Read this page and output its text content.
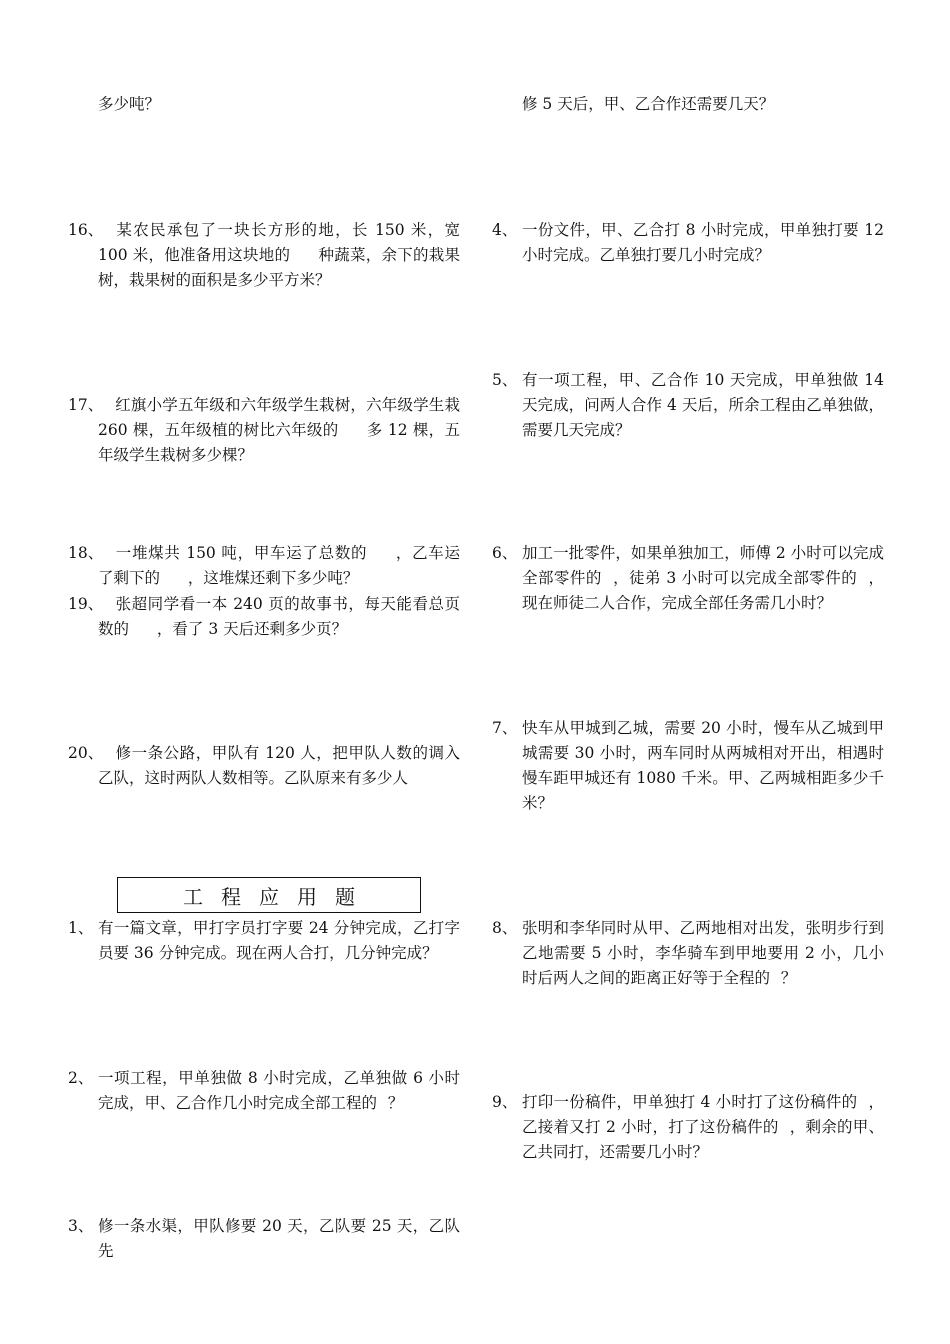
多少吨？
16、 某农民承包了一块长方形的地，长 150 米，宽 100 米，他准备用这块地的 种蔬菜，余下的栽果树，栽果树的面积是多少平方米？
17、 红旗小学五年级和六年级学生栽树，六年级学生栽 260 棵，五年级植的树比六年级的 多 12 棵，五年级学生栽树多少棵？
18、 一堆煤共 150 吨，甲车运了总数的 ，乙车运了剩下的 ，这堆煤还剩下多少吨？
19、 张超同学看一本 240 页的故事书，每天能看总页数的 ，看了 3 天后还剩多少页？
20、 修一条公路，甲队有 120 人，把甲队人数的调入乙队，这时两队人数相等。乙队原来有多少人
工程应用题
1、 有一篇文章，甲打字员打字要 24 分钟完成，乙打字员要 36 分钟完成。现在两人合打，几分钟完成？
2、 一项工程，甲单独做 8 小时完成，乙单独做 6 小时完成，甲、乙合作几小时完成全部工程的 ？
3、 修一条水渠，甲队修要 20 天，乙队要 25 天，乙队先
修 5 天后，甲、乙合作还需要几天？
4、 一份文件，甲、乙合打 8 小时完成，甲单独打要 12 小时完成。乙单独打要几小时完成？
5、 有一项工程，甲、乙合作 10 天完成，甲单独做 14 天完成，问两人合作 4 天后，所余工程由乙单独做，需要几天完成？
6、 加工一批零件，如果单独加工，师傅 2 小时可以完成全部零件的 ，徒弟 3 小时可以完成全部零件的 ，现在师徒二人合作，完成全部任务需几小时？
7、 快车从甲城到乙城，需要 20 小时，慢车从乙城到甲城需要 30 小时，两车同时从两城相对开出，相遇时慢车距甲城还有 1080 千米。甲、乙两城相距多少千米？
8、 张明和李华同时从甲、乙两地相对出发，张明步行到乙地需要 5 小时，李华骑车到甲地要用 2 小，几小时后两人之间的距离正好等于全程的 ？
9、 打印一份稿件，甲单独打 4 小时打了这份稿件的 ，乙接着又打 2 小时，打了这份稿件的 ，剩余的甲、乙共同打，还需要几小时？
